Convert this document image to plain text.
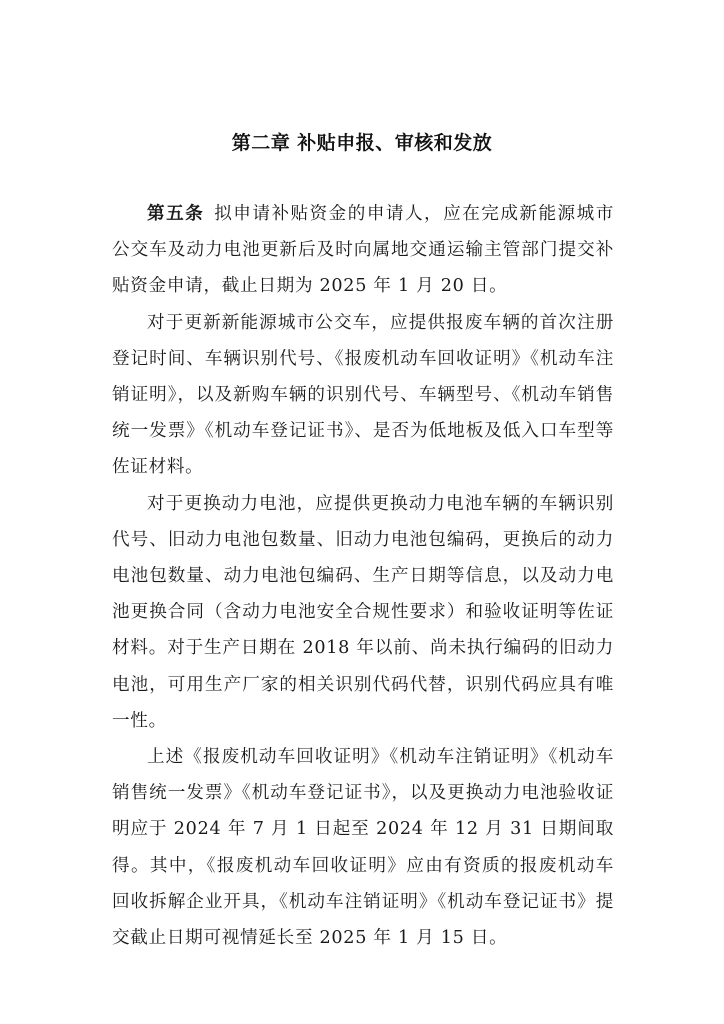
第二章 补贴申报、审核和发放

第五条 拟申请补贴资金的申请人，应在完成新能源城市公交车及动力电池更新后及时向属地交通运输主管部门提交补贴资金申请，截止日期为 2025 年 1 月 20 日。

对于更新新能源城市公交车，应提供报废车辆的首次注册登记时间、车辆识别代号、《报废机动车回收证明》《机动车注销证明》，以及新购车辆的识别代号、车辆型号、《机动车销售统一发票》《机动车登记证书》、是否为低地板及低入口车型等佐证材料。

对于更换动力电池，应提供更换动力电池车辆的车辆识别代号、旧动力电池包数量、旧动力电池包编码，更换后的动力电池包数量、动力电池包编码、生产日期等信息，以及动力电池更换合同（含动力电池安全合规性要求）和验收证明等佐证材料。对于生产日期在 2018 年以前、尚未执行编码的旧动力电池，可用生产厂家的相关识别代码代替，识别代码应具有唯一性。

上述《报废机动车回收证明》《机动车注销证明》《机动车销售统一发票》《机动车登记证书》，以及更换动力电池验收证明应于 2024 年 7 月 1 日起至 2024 年 12 月 31 日期间取得。其中，《报废机动车回收证明》应由有资质的报废机动车回收拆解企业开具，《机动车注销证明》《机动车登记证书》提交截止日期可视情延长至 2025 年 1 月 15 日。
